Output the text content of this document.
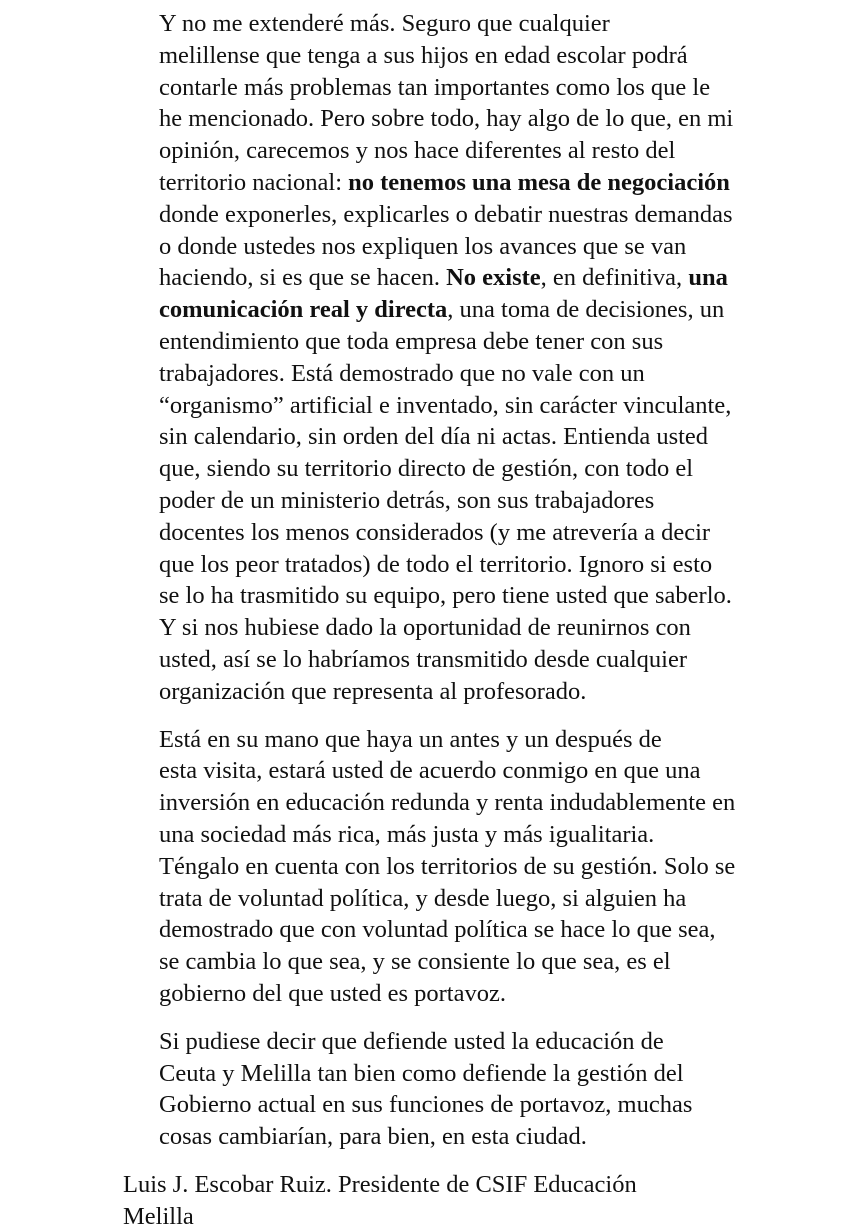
Y no me extenderé más. Seguro que cualquier
melillense que tenga a sus hijos en edad escolar podrá
contarle más problemas tan importantes como los que le
he mencionado. Pero sobre todo, hay algo de lo que, en mi
opinión, carecemos y nos hace diferentes al resto del
territorio nacional: no tenemos una mesa de negociación
donde exponerles, explicarles o debatir nuestras demandas
o donde ustedes nos expliquen los avances que se van
haciendo, si es que se hacen. No existe, en definitiva, una
comunicación real y directa, una toma de decisiones, un
entendimiento que toda empresa debe tener con sus
trabajadores. Está demostrado que no vale con un
“organismo” artificial e inventado, sin carácter vinculante,
sin calendario, sin orden del día ni actas. Entienda usted
que, siendo su territorio directo de gestión, con todo el
poder de un ministerio detrás, son sus trabajadores
docentes los menos considerados (y me atrevería a decir
que los peor tratados) de todo el territorio. Ignoro si esto
se lo ha trasmitido su equipo, pero tiene usted que saberlo.
Y si nos hubiese dado la oportunidad de reunirnos con
usted, así se lo habríamos transmitido desde cualquier
organización que representa al profesorado.

Está en su mano que haya un antes y un después de
esta visita, estará usted de acuerdo conmigo en que una
inversión en educación redunda y renta indudablemente en
una sociedad más rica, más justa y más igualitaria.
Téngalo en cuenta con los territorios de su gestión. Solo se
trata de voluntad política, y desde luego, si alguien ha
demostrado que con voluntad política se hace lo que sea,
se cambia lo que sea, y se consiente lo que sea, es el
gobierno del que usted es portavoz.

Si pudiese decir que defiende usted la educación de
Ceuta y Melilla tan bien como defiende la gestión del
Gobierno actual en sus funciones de portavoz, muchas
cosas cambiarían, para bien, en esta ciudad.

Luis J. Escobar Ruiz. Presidente de CSIF Educación
Melilla
